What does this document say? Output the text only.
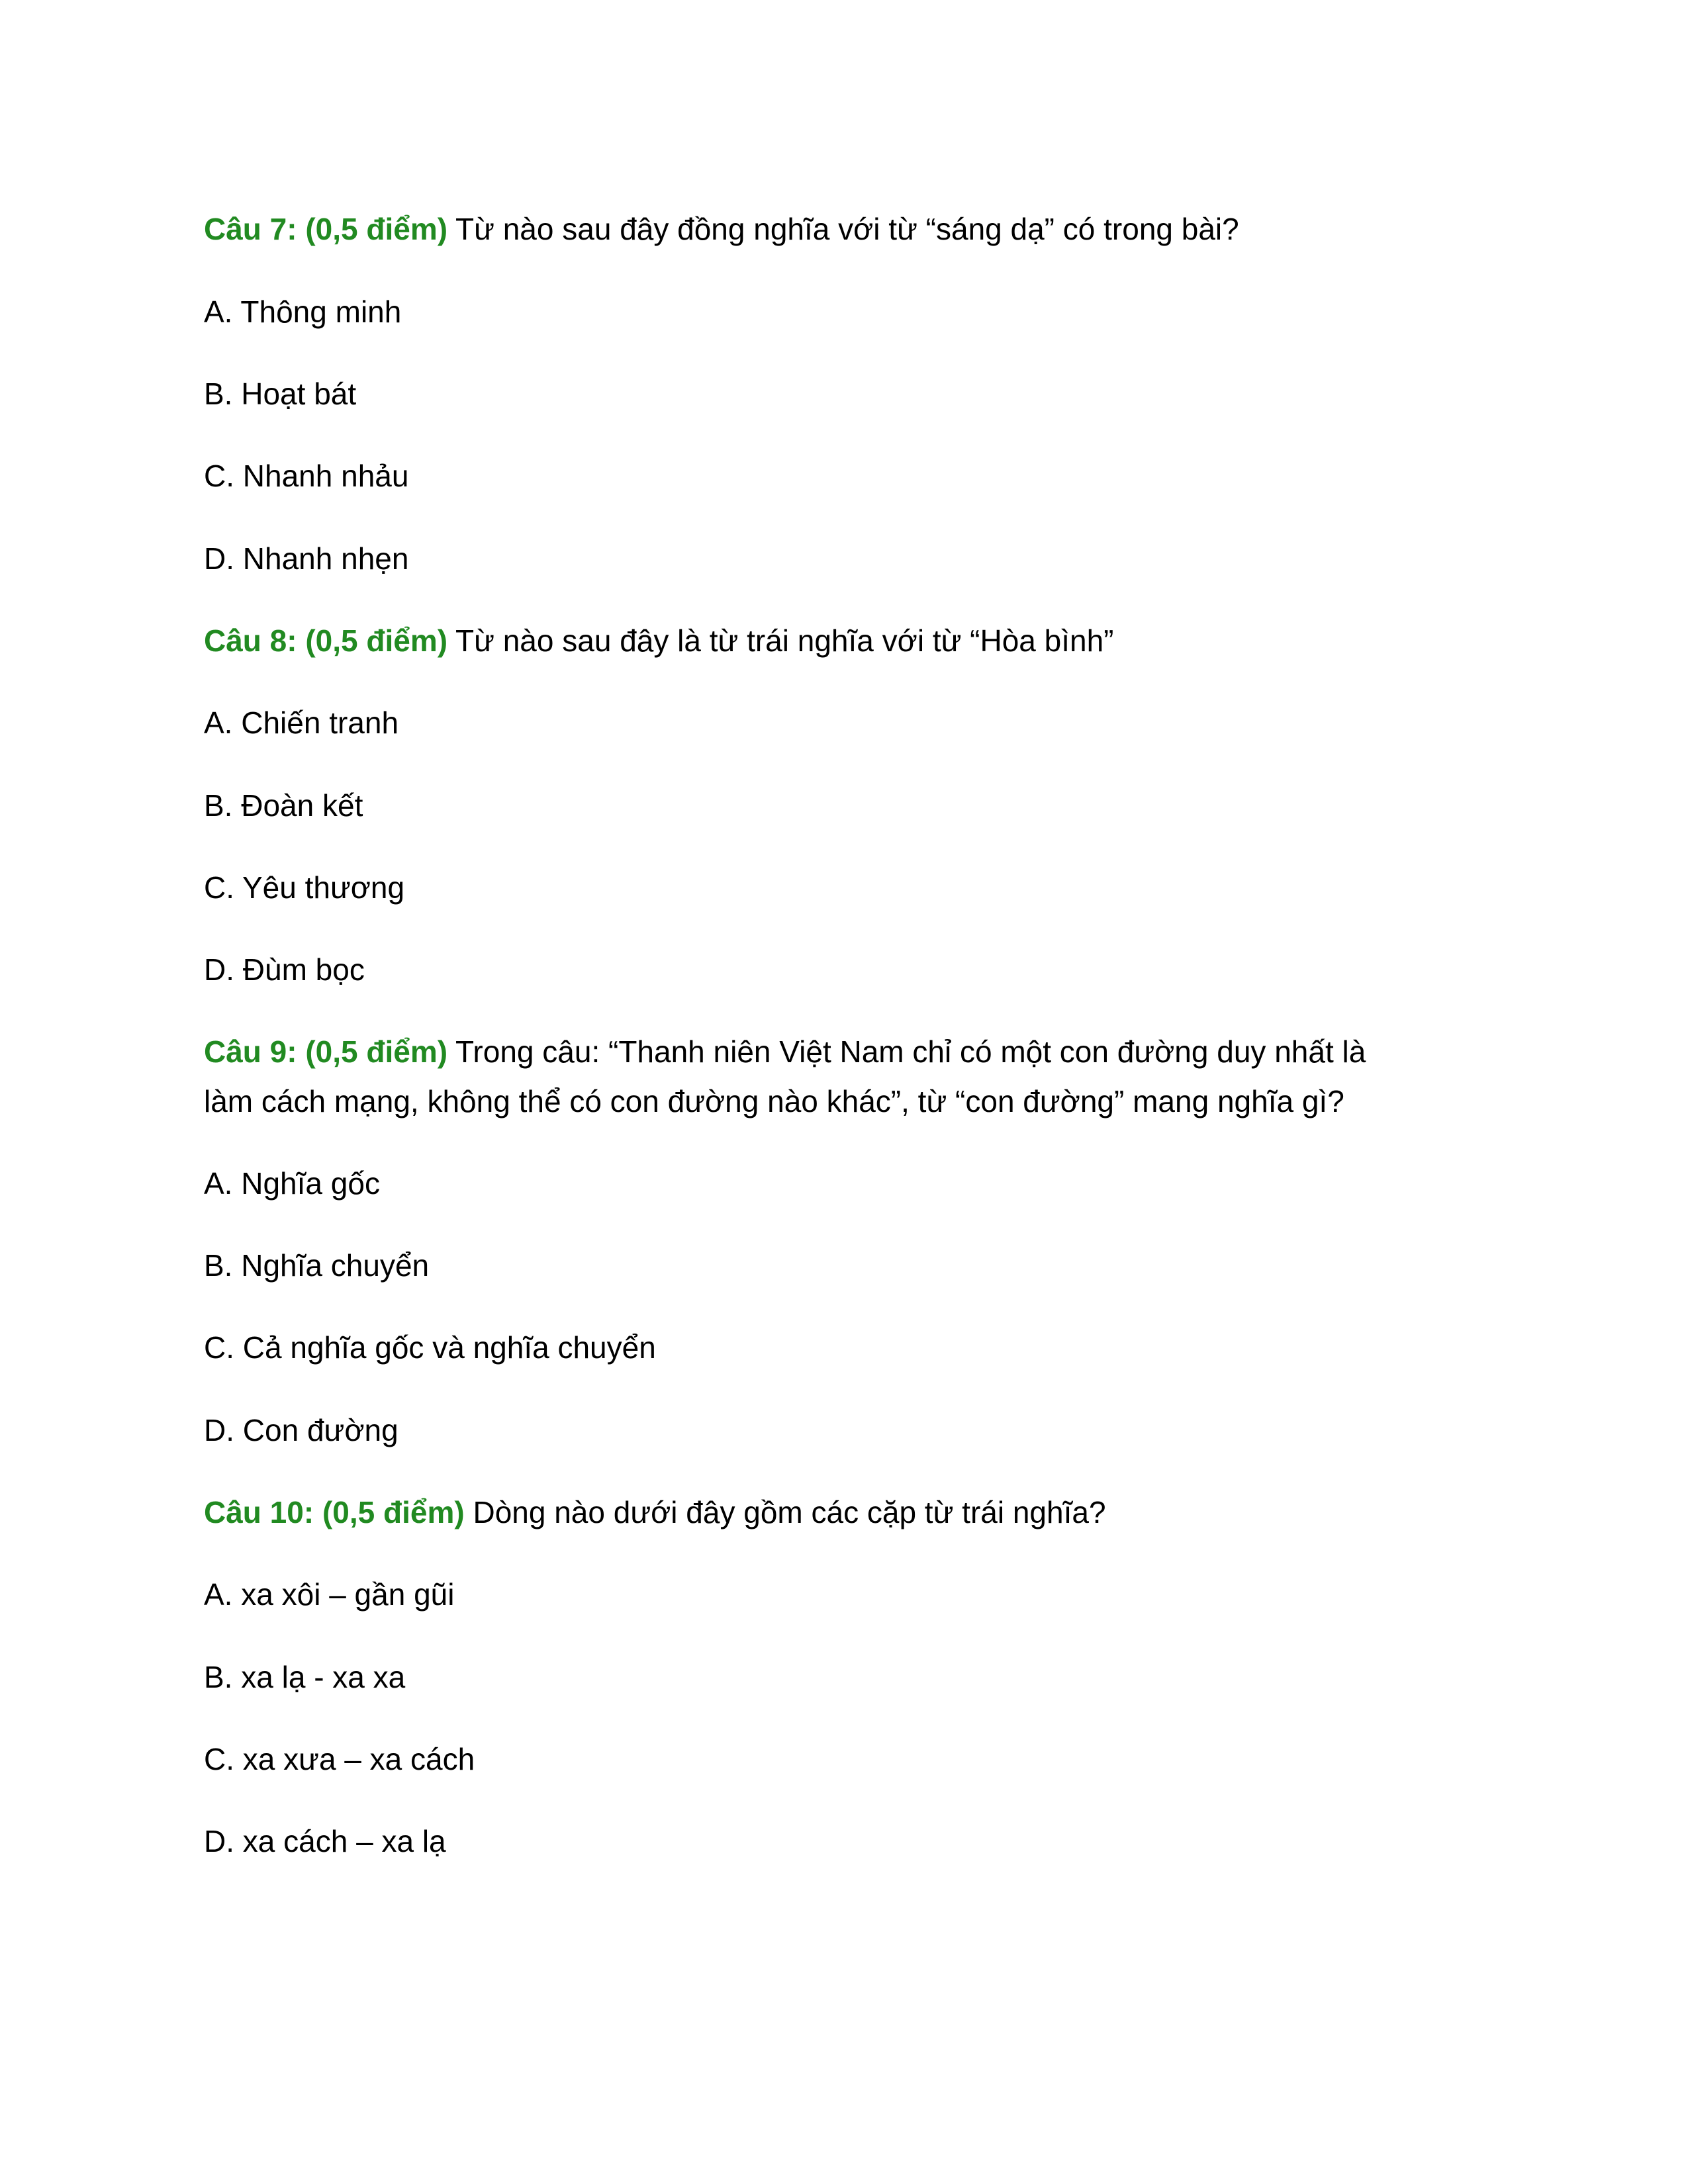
Câu 7: (0,5 điểm) Từ nào sau đây đồng nghĩa với từ “sáng dạ” có trong bài?
A. Thông minh
B. Hoạt bát
C. Nhanh nhảu
D. Nhanh nhẹn
Câu 8: (0,5 điểm) Từ nào sau đây là từ trái nghĩa với từ “Hòa bình”
A. Chiến tranh
B. Đoàn kết
C. Yêu thương
D. Đùm bọc
Câu 9: (0,5 điểm) Trong câu: “Thanh niên Việt Nam chỉ có một con đường duy nhất là
làm cách mạng, không thể có con đường nào khác”, từ “con đường” mang nghĩa gì?
A. Nghĩa gốc
B. Nghĩa chuyển
C. Cả nghĩa gốc và nghĩa chuyển
D. Con đường
Câu 10: (0,5 điểm) Dòng nào dưới đây gồm các cặp từ trái nghĩa?
A. xa xôi – gần gũi
B. xa lạ - xa xa
C. xa xưa – xa cách
D. xa cách – xa lạ
